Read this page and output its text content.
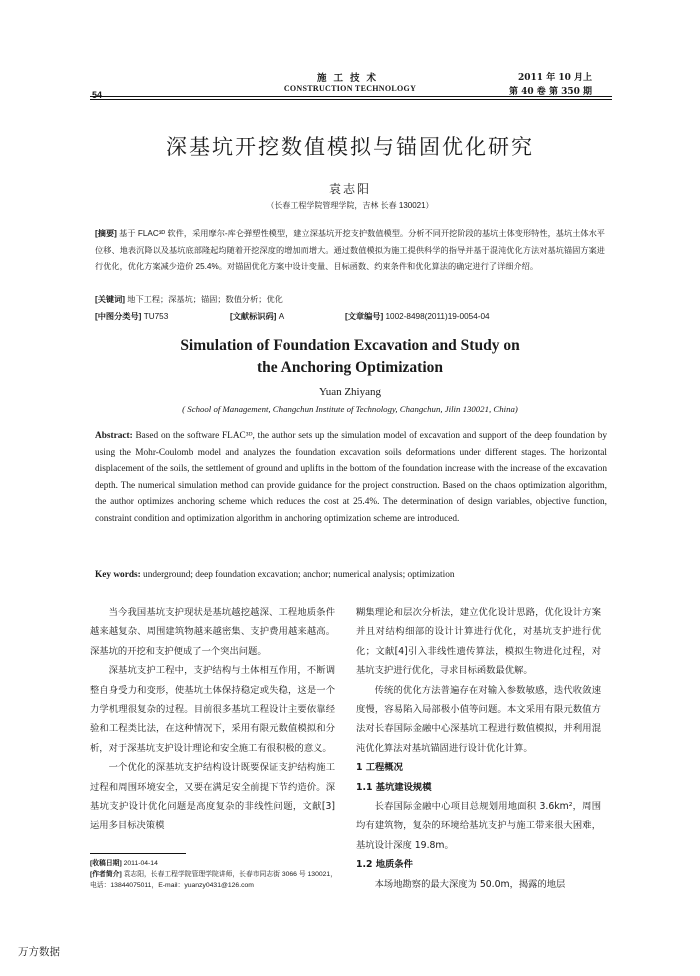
54
施工技术
CONSTRUCTION TECHNOLOGY
2011 年 10 月上
第 40 卷 第 350 期
深基坑开挖数值模拟与锚固优化研究
袁志阳
（长春工程学院管理学院，吉林 长春 130021）
[摘要] 基于 FLAC³ᴰ 软件，采用摩尔-库仑弹塑性模型，建立深基坑开挖支护数值模型。分析不同开挖阶段的基坑土体变形特性，基坑土体水平位移、地表沉降以及基坑底部隆起均随着开挖深度的增加而增大。通过数值模拟为施工提供科学的指导并基于混沌优化方法对基坑锚固方案进行优化，优化方案减少造价 25.4%。对锚固优化方案中设计变量、目标函数、约束条件和优化算法的确定进行了详细介绍。
[关键词] 地下工程；深基坑；锚固；数值分析；优化
[中图分类号] TU753	[文献标识码] A	[文章编号] 1002-8498(2011)19-0054-04
Simulation of Foundation Excavation and Study on
the Anchoring Optimization
Yuan Zhiyang
( School of Management, Changchun Institute of Technology, Changchun, Jilin 130021, China)
Abstract: Based on the software FLAC³ᴰ, the author sets up the simulation model of excavation and support of the deep foundation by using the Mohr-Coulomb model and analyzes the foundation excavation soils deformations under different stages. The horizontal displacement of the soils, the settlement of ground and uplifts in the bottom of the foundation increase with the increase of the excavation depth. The numerical simulation method can provide guidance for the project construction. Based on the chaos optimization algorithm, the author optimizes anchoring scheme which reduces the cost at 25.4%. The determination of design variables, objective function, constraint condition and optimization algorithm in anchoring optimization scheme are introduced.
Key words: underground; deep foundation excavation; anchor; numerical analysis; optimization

当今我国基坑支护现状是基坑越挖越深、工程地质条件越来越复杂、周围建筑物越来越密集、支护费用越来越高。深基坑的开挖和支护便成了一个突出问题。

深基坑支护工程中，支护结构与土体相互作用，不断调整自身受力和变形，使基坑土体保持稳定或失稳，这是一个力学机理很复杂的过程。目前很多基坑工程设计主要依靠经验和工程类比法，在这种情况下，采用有限元数值模拟和分析，对于深基坑支护设计理论和安全施工有很积极的意义。

一个优化的深基坑支护结构设计既要保证支护结构施工过程和周围环境安全，又要在满足安全前提下节约造价。深基坑支护设计优化问题是高度复杂的非线性问题，文献[3]运用多目标决策模

糊集理论和层次分析法，建立优化设计思路，优化设计方案并且对结构细部的设计计算进行优化，对基坑支护进行优化；文献[4]引入非线性遗传算法，模拟生物进化过程，对基坑支护进行优化，寻求目标函数最优解。

传统的优化方法普遍存在对输入参数敏感，迭代收敛速度慢，容易陷入局部极小值等问题。本文采用有限元数值方法对长春国际金融中心深基坑工程进行数值模拟，并利用混沌优化算法对基坑锚固进行设计优化计算。

1 工程概况

1.1 基坑建设规模

长春国际金融中心项目总规划用地面积 3.6km²，周围均有建筑物，复杂的环境给基坑支护与施工带来很大困难，基坑设计深度 19.8m。

1.2 地质条件

本场地勘察的最大深度为 50.0m，揭露的地层

[收稿日期] 2011-04-14
[作者简介] 袁志阳，长春工程学院管理学院讲师，长春市同志街 3066 号 130021，电话：13844075011，E-mail：yuanzy0431@126.com
万方数据
